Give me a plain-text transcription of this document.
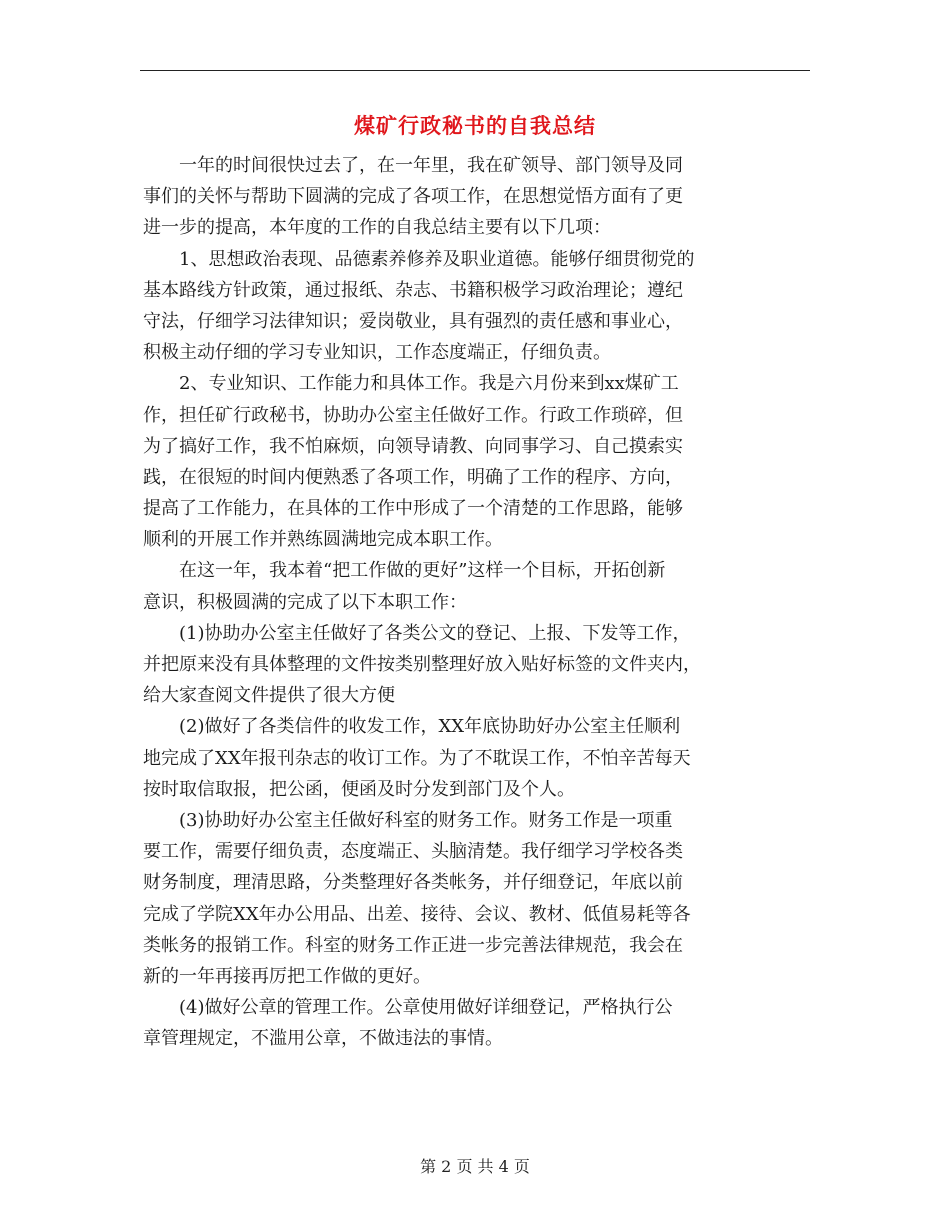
煤矿行政秘书的自我总结
　　一年的时间很快过去了，在一年里，我在矿领导、部门领导及同
事们的关怀与帮助下圆满的完成了各项工作，在思想觉悟方面有了更
进一步的提高，本年度的工作的自我总结主要有以下几项：
　　1、思想政治表现、品德素养修养及职业道德。能够仔细贯彻党的
基本路线方针政策，通过报纸、杂志、书籍积极学习政治理论；遵纪
守法，仔细学习法律知识；爱岗敬业，具有强烈的责任感和事业心，
积极主动仔细的学习专业知识，工作态度端正，仔细负责。
　　2、专业知识、工作能力和具体工作。我是六月份来到xx煤矿工
作，担任矿行政秘书，协助办公室主任做好工作。行政工作琐碎，但
为了搞好工作，我不怕麻烦，向领导请教、向同事学习、自己摸索实
践，在很短的时间内便熟悉了各项工作，明确了工作的程序、方向，
提高了工作能力，在具体的工作中形成了一个清楚的工作思路，能够
顺利的开展工作并熟练圆满地完成本职工作。
　　在这一年，我本着“把工作做的更好”这样一个目标，开拓创新
意识，积极圆满的完成了以下本职工作：
　　(1)协助办公室主任做好了各类公文的登记、上报、下发等工作，
并把原来没有具体整理的文件按类别整理好放入贴好标签的文件夹内，
给大家查阅文件提供了很大方便
　　(2)做好了各类信件的收发工作，XX年底协助好办公室主任顺利
地完成了XX年报刊杂志的收订工作。为了不耽误工作，不怕辛苦每天
按时取信取报，把公函，便函及时分发到部门及个人。
　　(3)协助好办公室主任做好科室的财务工作。财务工作是一项重
要工作，需要仔细负责，态度端正、头脑清楚。我仔细学习学校各类
财务制度，理清思路，分类整理好各类帐务，并仔细登记，年底以前
完成了学院XX年办公用品、出差、接待、会议、教材、低值易耗等各
类帐务的报销工作。科室的财务工作正进一步完善法律规范，我会在
新的一年再接再厉把工作做的更好。
　　(4)做好公章的管理工作。公章使用做好详细登记，严格执行公
章管理规定，不滥用公章，不做违法的事情。
第 2 页 共 4 页
